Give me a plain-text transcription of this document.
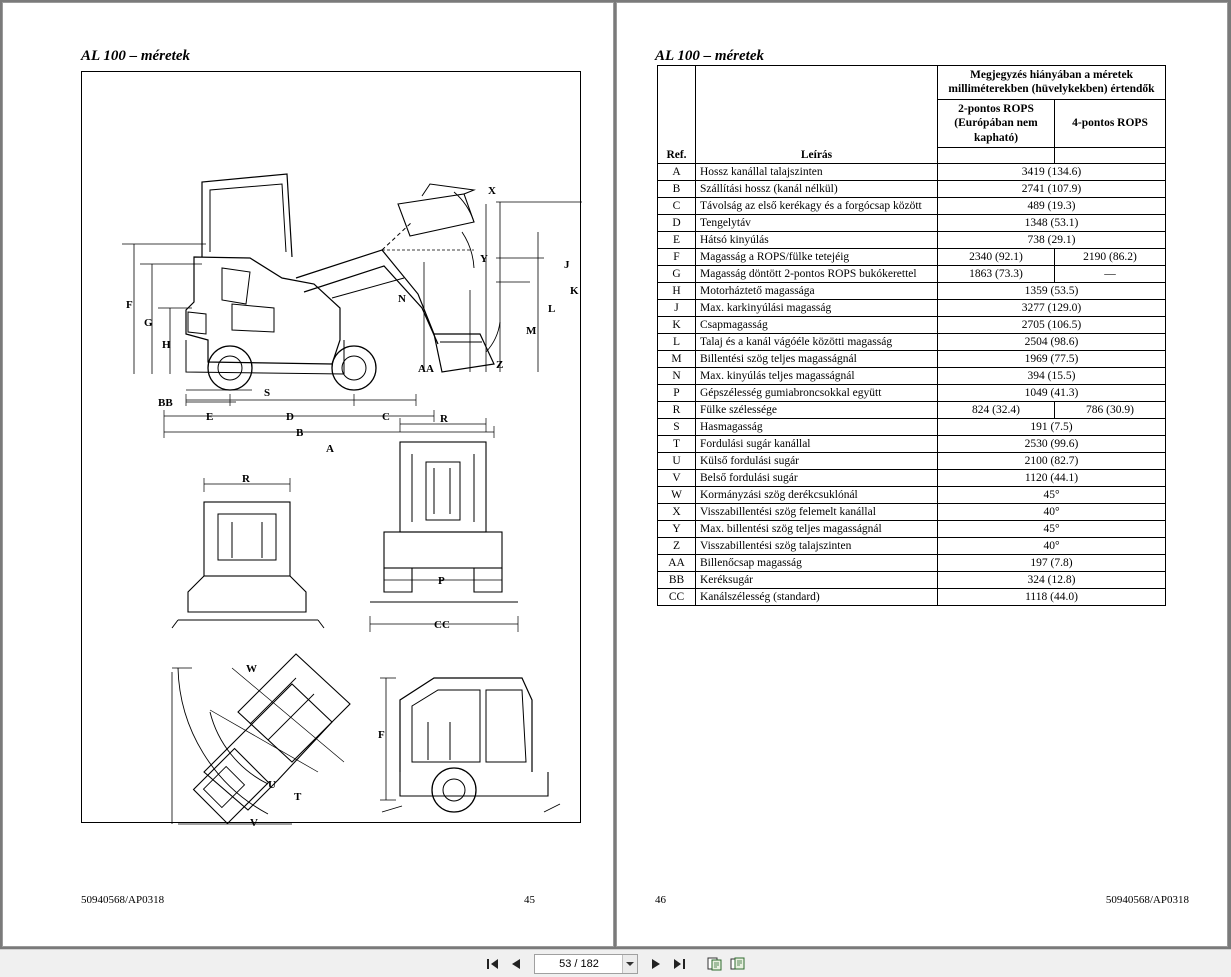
AL 100 – méretek
X
Y	J
K
L
M
N
F
G
H
BB
S
AA	Z
E	D	C
B
A
R
R
P
CC
W
U
T
V
F
50940568/AP0318	45
AL 100 – méretek
		Megjegyzés hiányában a méretek milliméterekben (hüvelykekben) értendők	
		2-pontos ROPS (Európában nem kapható)	4-pontos ROPS
Ref.	Leírás		
A	Hossz kanállal talajszinten	3419 (134.6)	
B	Szállítási hossz (kanál nélkül)	2741 (107.9)	
C	Távolság az első kerékagy és a forgócsap között	489 (19.3)	
D	Tengelytáv	1348 (53.1)	
E	Hátsó kinyúlás	738 (29.1)	
F	Magasság a ROPS/fülke tetejéig	2340 (92.1)	2190 (86.2)
G	Magasság döntött 2-pontos ROPS bukókerettel	1863 (73.3)	—
H	Motorháztető magassága	1359 (53.5)	
J	Max. karkinyúlási magasság	3277 (129.0)	
K	Csapmagasság	2705 (106.5)	
L	Talaj és a kanál vágóéle közötti magasság	2504 (98.6)	
M	Billentési szög teljes magasságnál	1969 (77.5)	
N	Max. kinyúlás teljes magasságnál	394 (15.5)	
P	Gépszélesség gumiabroncsokkal együtt	1049 (41.3)	
R	Fülke szélessége	824 (32.4)	786 (30.9)
S	Hasmagasság	191 (7.5)	
T	Fordulási sugár kanállal	2530 (99.6)	
U	Külső fordulási sugár	2100 (82.7)	
V	Belső fordulási sugár	1120 (44.1)	
W	Kormányzási szög derékcsuklónál	45°	
X	Visszabillentési szög felemelt kanállal	40°	
Y	Max. billentési szög teljes magasságnál	45°	
Z	Visszabillentési szög talajszinten	40°	
AA	Billenőcsap magasság	197 (7.8)	
BB	Keréksugár	324 (12.8)	
CC	Kanálszélesség (standard)	1118 (44.0)	
46	50940568/AP0318
53 / 182
